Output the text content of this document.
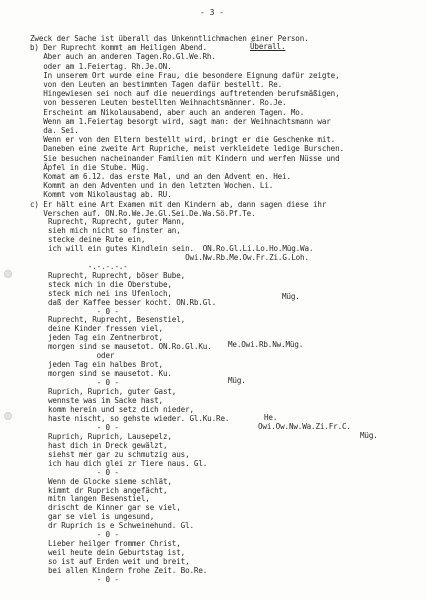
- 3 -
Zweck der Sache ist überall das Unkenntlichmachen einer Person.
b) Der Ruprecht kommt am Heiligen Abend.
Aber auch an anderen Tagen.Ro.Gl.We.Rh.
oder am 1.Feiertag. Rh.Je.ON.
In unserem Ort wurde eine Frau, die besondere Eignung dafür zeigte,
von den Leuten an bestimmten Tagen dafür bestellt. Re.
Hingewiesen sei noch auf die neuerdings auftretenden berufsmäßigen,
von besseren Leuten bestellten Weihnachtsmänner. Ro.Je.
Erscheint am Nikolausabend, aber auch an anderen Tagen. Mo.
Wenn am 1.Feiertag besorgt wird, sagt man: der Weihnachtsmann war
da. Sei.
Wenn er von den Eltern bestellt wird, bringt er die Geschenke mit.
Daneben eine zweite Art Rupriche, meist verkleidete ledige Burschen.
Sie besuchen nacheinander Familien mit Kindern und werfen Nüsse und
Äpfel in die Stube. Müg.
Komat am 6.12. das erste Mal, und an den Advent en. Hei.
Kommt an den Adventen und in den letzten Wochen. Li.
Kommt vom Nikolaustag ab. RU.
c) Er hält eine Art Examen mit den Kindern ab, dann sagen diese ihr
Verschen auf. ON.Ro.We.Je.Gl.Sei.De.Wa.Sö.Pf.Te.
Ruprecht, Ruprecht, guter Mann,
sieh mich nicht so finster an,
stecke deine Rute ein,
ich will ein gutes Kindlein sein.  ON.Ro.Gl.Li.Lo.Ho.Müg.Wa.
Owi.Nw.Rb.Me.Ow.Fr.Zi.G.Loh.
-.-.-.-.-
Ruprecht, Ruprecht, böser Bube,
steck mich in die Oberstube,
steck mich nei ins Ufenloch,
daß der Kaffee besser kocht. ON.Rb.Gl.
- 0 -
Ruprecht, Ruprecht, Besenstiel,
deine Kinder fressen viel,
jeden Tag ein Zentnerbrot,
morgen sind se mausetot. ON.Ro.Gl.Ku.
oder
jeden Tag ein halbes Brot,
morgen sind se mausetot. Ku.
- 0 -
Ruprich, Ruprich, guter Gast,
wennste was im Sacke hast,
komm herein und setz dich nieder,
haste nischt, so gehste wieder. Gl.Ku.Re.
- 0 -
Ruprich, Ruprich, Lausepelz,
hast dich in Dreck gewälzt,
siehst mer gar zu schmutzig aus,
ich hau dich glei zr Tiere naus. Gl.
- 0 -
Wenn de Glocke sieme schlät,
kimmt dr Ruprich angefächt,
mitn langen Besenstiel,
drischt de Kinner gar se viel,
gar se viel is ungesund,
dr Ruprich is e Schweinehund. Gl.
- 0 -
Lieber heilger frommer Christ,
weil heute dein Geburtstag ist,
so ist auf Erden weit und breit,
bei allen Kindern frohe Zeit. Bo.Re.
- 0 -
Überall.
Müg.
Me.Owi.Rb.Nw.Müg.
Müg.
He.
Owi.Ow.Nw.Wa.Zi.Fr.C.
Müg.
